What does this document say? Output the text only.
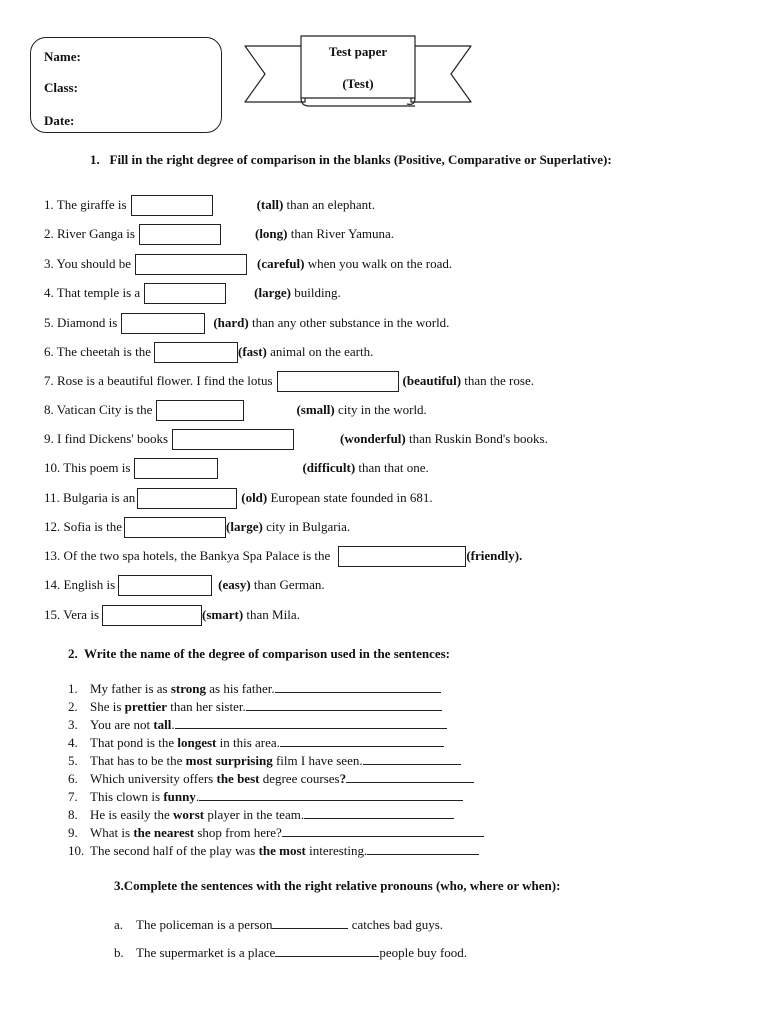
Name:
Class:
Date:
Test paper
(Test)
1.   Fill in the right degree of comparison in the blanks (Positive, Comparative or Superlative):
1. The giraffe is	(tall) than an elephant.
2. River Ganga is	(long) than River Yamuna.
3. You should be	(careful) when you walk on the road.
4. That temple is a	(large) building.
5. Diamond is	(hard) than any other substance in the world.
6. The cheetah is the	(fast) animal on the earth.
7. Rose is a beautiful flower. I find the lotus	(beautiful) than the rose.
8. Vatican City is the	(small) city in the world.
9. I find Dickens' books	(wonderful) than Ruskin Bond's books.
10. This poem is	(difficult) than that one.
11. Bulgaria is an	(old) European state founded in 681.
12. Sofia is the	(large) city in Bulgaria.
13. Of the two spa hotels, the Bankya Spa Palace is the	(friendly).
14. English is	(easy) than German.
15. Vera is	(smart) than Mila.
2.  Write the name of the degree of comparison used in the sentences:
1. My father is as strong as his father.
2. She is prettier than her sister.
3. You are not tall.
4. That pond is the longest in this area.
5. That has to be the most surprising film I have seen.
6. Which university offers the best degree courses?
7. This clown is funny.
8. He is easily the worst player in the team.
9. What is the nearest shop from here?
10. The second half of the play was the most interesting.
3.Complete the sentences with the right relative pronouns (who, where or when):
a. The policeman is a person	catches bad guys.
b. The supermarket is a place	people buy food.
